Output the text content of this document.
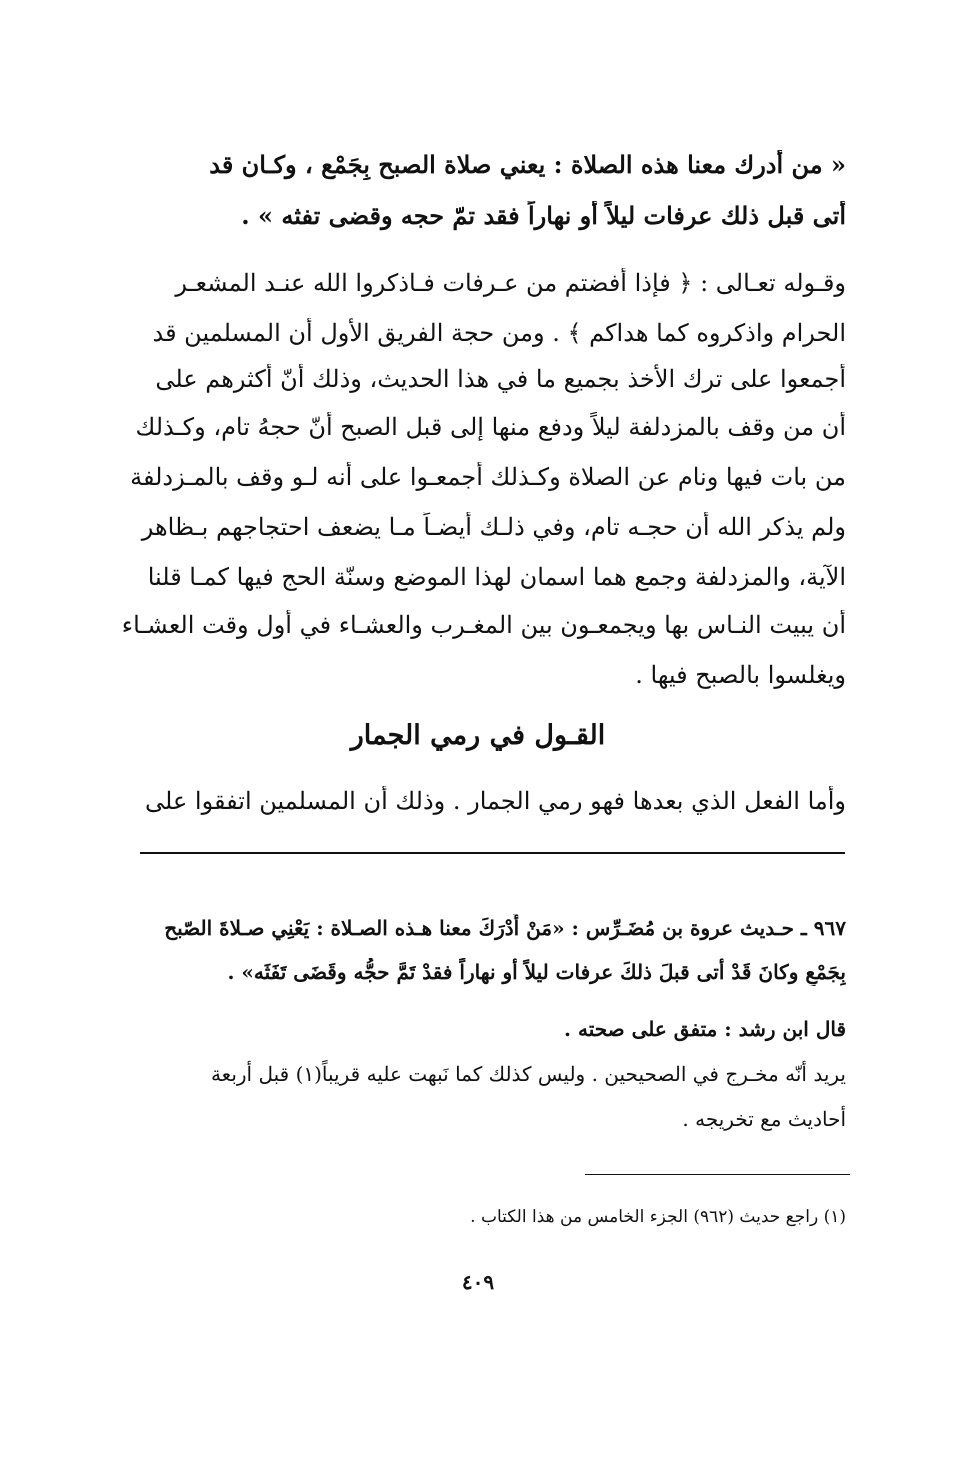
« من أدرك معنا هذه الصلاة : يعني صلاة الصبح بِجَمْعٍ ، وكـان قد
أتى قبل ذلك عرفات ليلاً أو نهاراً فقد تمّ حجه وقضى تفثه » .
وقـوله تعـالى : ﴿ فإذا أفضتم من عـرفات فـاذكروا الله عنـد المشعـر
الحرام واذكروه كما هداكم ﴾ . ومن حجة الفريق الأول أن المسلمين قد
أجمعوا على ترك الأخذ بجميع ما في هذا الحديث، وذلك أنّ أكثرهم على
أن من وقف بالمزدلفة ليلاً ودفع منها إلى قبل الصبح أنّ حجهُ تام، وكـذلك
من بات فيها ونام عن الصلاة وكـذلك أجمعـوا على أنه لـو وقف بالمـزدلفة
ولم يذكر الله أن حجـه تام، وفي ذلـك أيضـاً مـا يضعف احتجاجهم بـظاهر
الآية، والمزدلفة وجمع هما اسمان لهذا الموضع وسنّة الحج فيها كمـا قلنا
أن يبيت النـاس بها ويجمعـون بين المغـرب والعشـاء في أول وقت العشـاء
ويغلسوا بالصبح فيها .
القـول في رمي الجمار
وأما الفعل الذي بعدها فهو رمي الجمار . وذلك أن المسلمين اتفقوا على
٩٦٧ ـ حـديث عروة بن مُضَـرِّس : «مَنْ أَدْرَكَ معنا هـذه الصـلاة : يَعْنِي صـلاةَ الصّبح
بِجَمْعٍ وكانَ قَدْ أتى قبلَ ذلكَ عرفات ليلاً أو نهاراً فقدْ تَمَّ حجُّه وقَضَى تَفَثَه» .
قال ابن رشد : متفق على صحته .
يريد أنّه مخـرج في الصحيحين . وليس كذلك كما نَبهت عليه قريباً(١) قبل أربعة
أحاديث مع تخريجه .
(١) راجع حديث (٩٦٢) الجزء الخامس من هذا الكتاب .
٤٠٩
